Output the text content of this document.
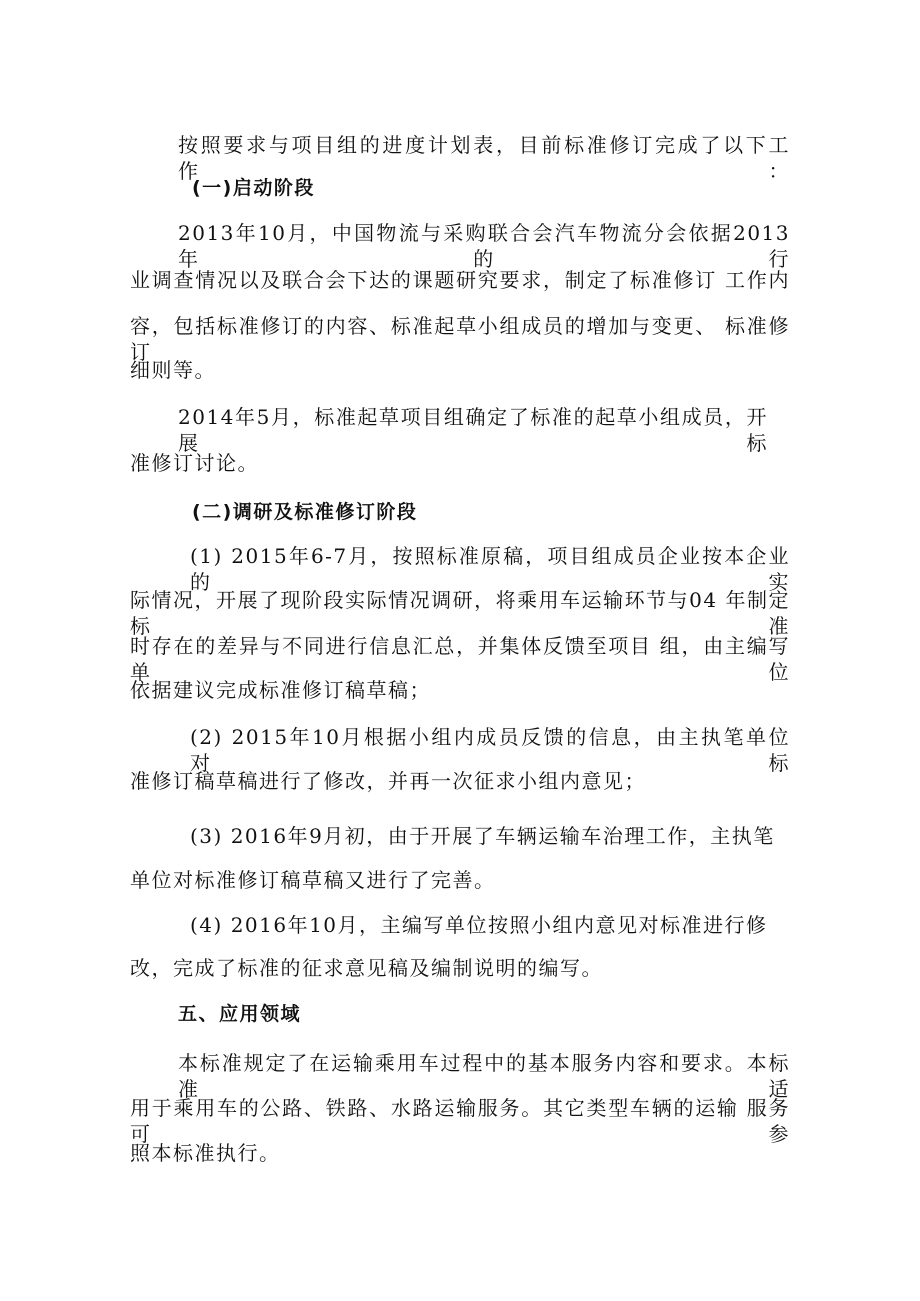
按照要求与项目组的进度计划表，目前标准修订完成了以下工 作：
(一)启动阶段
2013年10月，中国物流与采购联合会汽车物流分会依据2013 年的行
业调查情况以及联合会下达的课题研究要求，制定了标准修订 工作内
容，包括标准修订的内容、标准起草小组成员的增加与变更、 标准修订
细则等。
2014年5月，标准起草项目组确定了标准的起草小组成员，开 展标
准修订讨论。
(二)调研及标准修订阶段
(1) 2015年6-7月，按照标准原稿，项目组成员企业按本企业 的实
际情况，开展了现阶段实际情况调研，将乘用车运输环节与04 年制定标准
时存在的差异与不同进行信息汇总，并集体反馈至项目 组，由主编写单位
依据建议完成标准修订稿草稿；
(2) 2015年10月根据小组内成员反馈的信息，由主执笔单位 对标
准修订稿草稿进行了修改，并再一次征求小组内意见；
(3) 2016年9月初，由于开展了车辆运输车治理工作，主执笔
单位对标准修订稿草稿又进行了完善。
(4) 2016年10月，主编写单位按照小组内意见对标准进行修
改，完成了标准的征求意见稿及编制说明的编写。
五、应用领域
本标准规定了在运输乘用车过程中的基本服务内容和要求。本标 准适
用于乘用车的公路、铁路、水路运输服务。其它类型车辆的运输 服务可参
照本标准执行。
